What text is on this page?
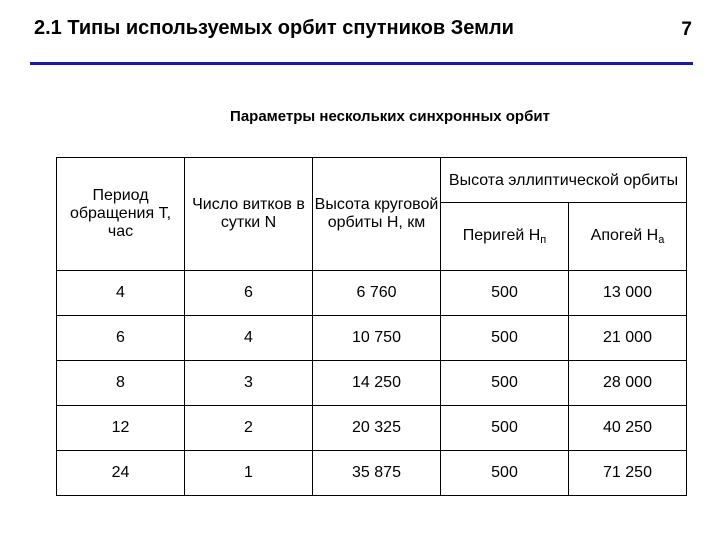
2.1 Типы используемых орбит спутников Земли	7
Параметры нескольких синхронных орбит
Период обращения Т, час	Число витков в сутки N	Высота круговой орбиты Н, км	Высота эллиптической орбиты	
			Перигей $Н_п$	Апогей $Н_а$
4	6	6 760	500	13 000
6	4	10 750	500	21 000
8	3	14 250	500	28 000
12	2	20 325	500	40 250
24	1	35 875	500	71 250
